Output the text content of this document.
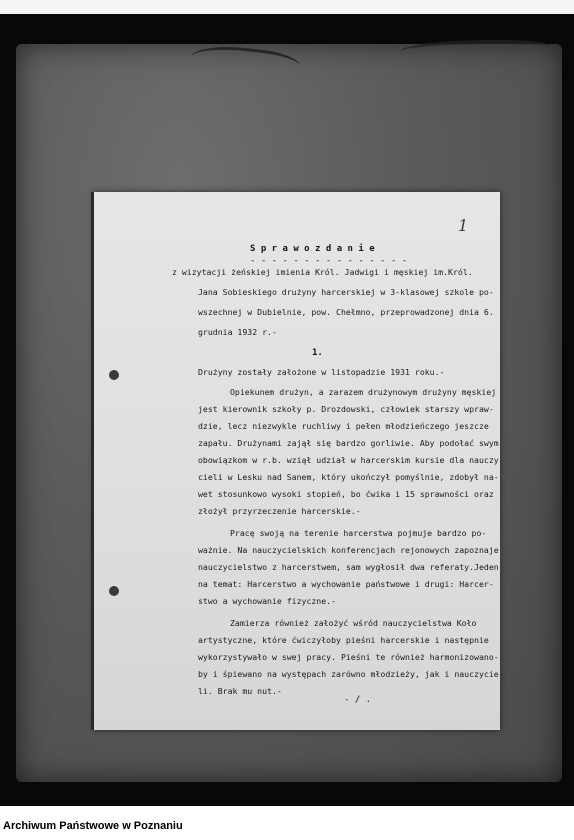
1
S p r a w o z d a n i e
- - - - - - - - - - - - - - -
z wizytacji żeńskiej imienia Król. Jadwigi i męskiej im.Król.
Jana Sobieskiego drużyny harcerskiej w 3-klasowej szkole po-
wszechnej w Dubielnie, pow. Chełmno, przeprowadzonej dnia 6.
grudnia 1932 r.-
1.
Drużyny zostały założone w listopadzie 1931 roku.-
Opiekunem drużyn, a zarazem drużynowym drużyny męskiej
jest kierownik szkoły p. Drozdowski, człowiek starszy wpraw-
dzie, lecz niezwykle ruchliwy i pełen młodzieńczego jeszcze
zapału. Drużynami zajął się bardzo gorliwie. Aby podołać swym
obowiązkom w r.b. wziął udział w harcerskim kursie dla nauczy-
cieli w Lesku nad Sanem, który ukończył pomyślnie, zdobył na-
wet stosunkowo wysoki stopień, bo ćwika i 15 sprawności oraz
złożył przyrzeczenie harcerskie.-
Pracę swoją na terenie harcerstwa pojmuje bardzo po-
ważnie. Na nauczycielskich konferencjach rejonowych zapoznaje
nauczycielstwo z harcerstwem, sam wygłosił dwa referaty.Jeden
na temat: Harcerstwo a wychowanie państwowe i drugi: Harcer-
stwo a wychowanie fizyczne.-
Zamierza również założyć wśród nauczycielstwa Koło
artystyczne, które ćwiczyłoby pieśni harcerskie i następnie
wykorzystywało w swej pracy. Pieśni te również harmonizowano-
by i śpiewano na występach zarówno młodzieży, jak i nauczycie-
li. Brak mu nut.-
- / .
Archiwum Państwowe w Poznaniu
